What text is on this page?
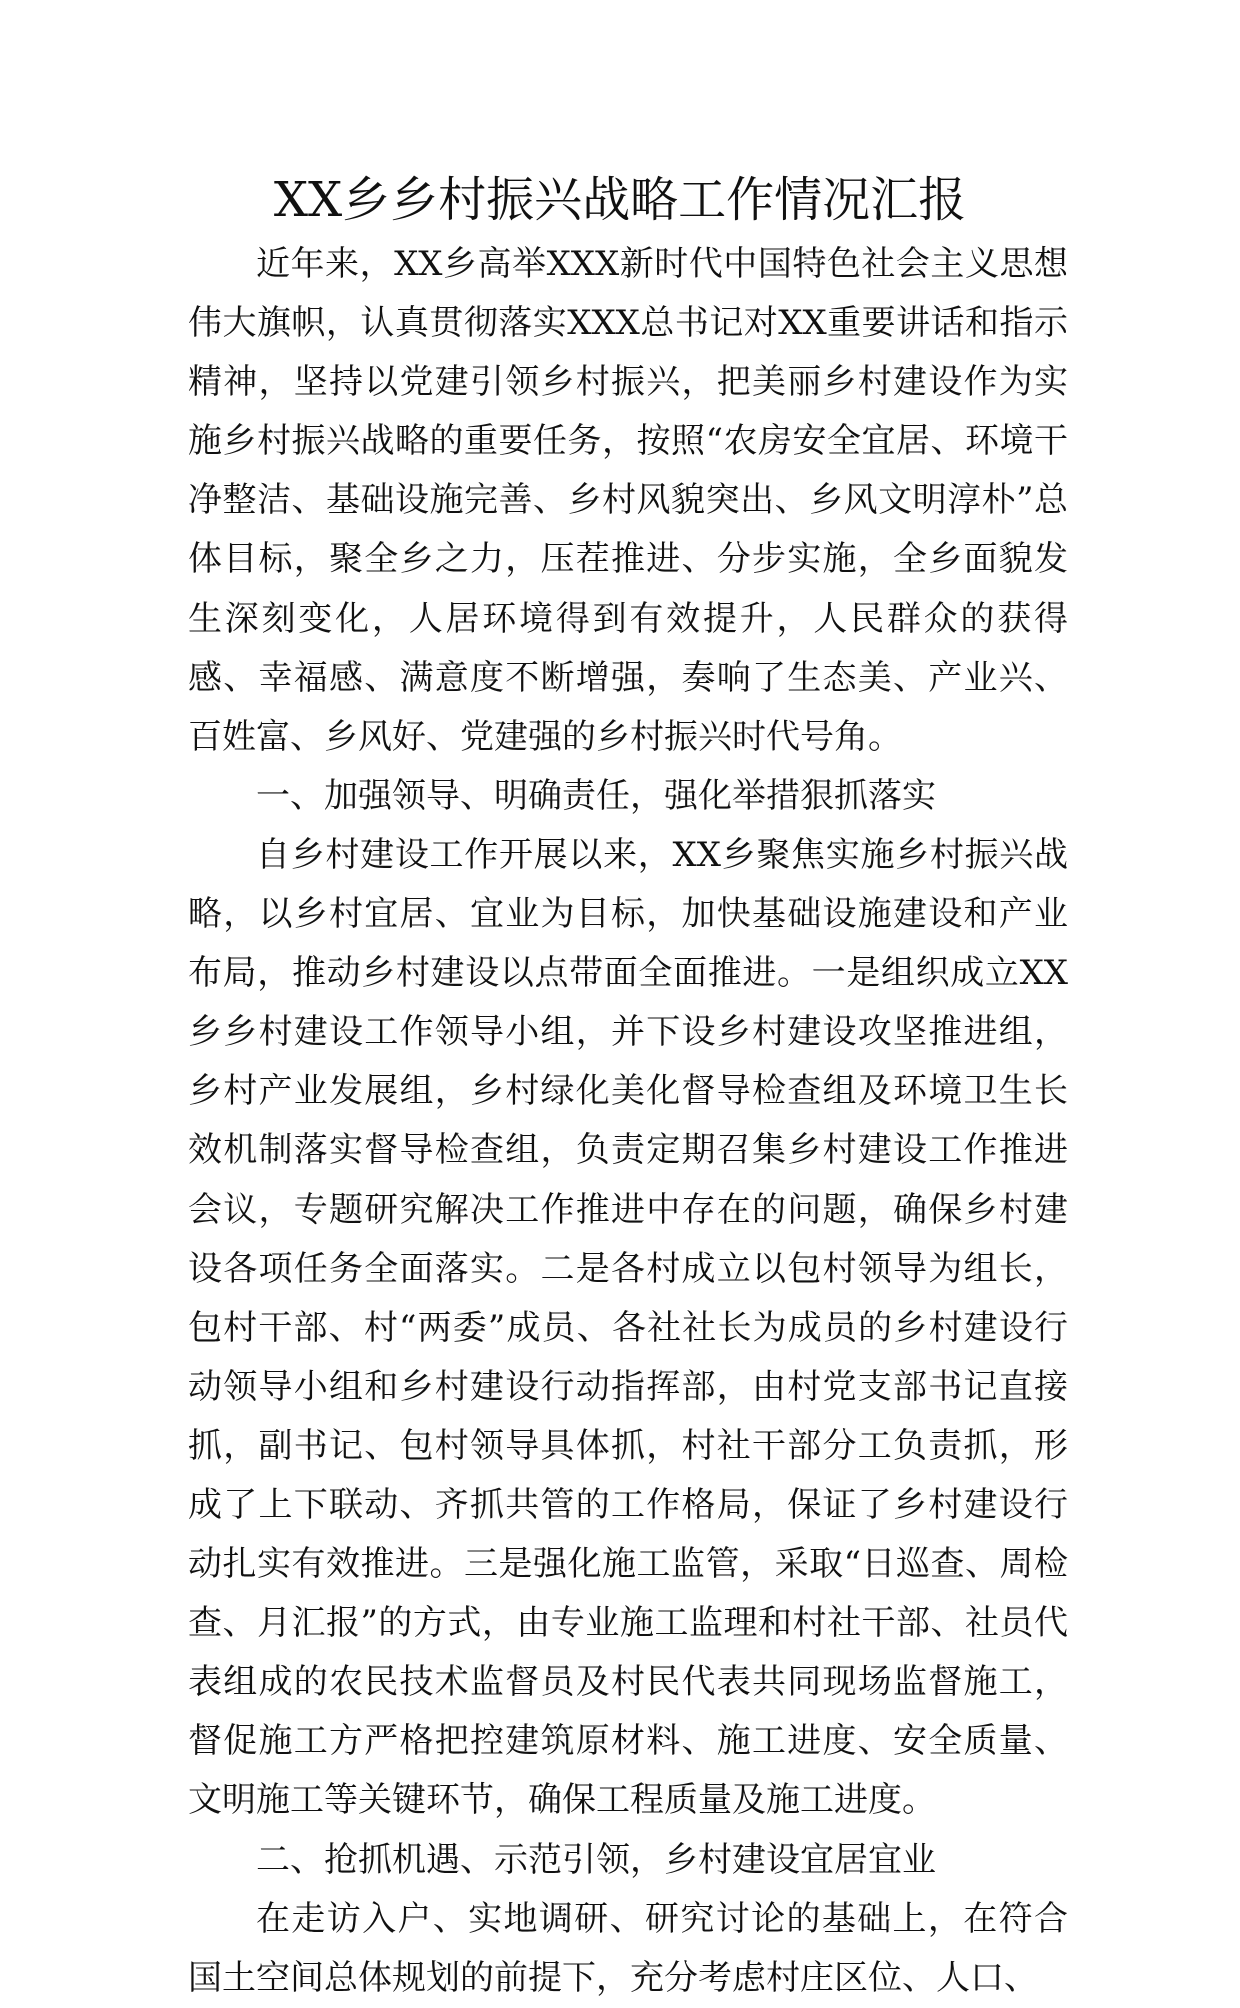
XX乡乡村振兴战略工作情况汇报

近年来，XX乡高举XXX新时代中国特色社会主义思想伟大旗帜，认真贯彻落实XXX总书记对XX重要讲话和指示精神，坚持以党建引领乡村振兴，把美丽乡村建设作为实施乡村振兴战略的重要任务，按照“农房安全宜居、环境干净整洁、基础设施完善、乡村风貌突出、乡风文明淳朴”总体目标，聚全乡之力，压茬推进、分步实施，全乡面貌发生深刻变化，人居环境得到有效提升，人民群众的获得感、幸福感、满意度不断增强，奏响了生态美、产业兴、百姓富、乡风好、党建强的乡村振兴时代号角。

一、加强领导、明确责任，强化举措狠抓落实

自乡村建设工作开展以来，XX乡聚焦实施乡村振兴战略，以乡村宜居、宜业为目标，加快基础设施建设和产业布局，推动乡村建设以点带面全面推进。一是组织成立XX乡乡村建设工作领导小组，并下设乡村建设攻坚推进组，乡村产业发展组，乡村绿化美化督导检查组及环境卫生长效机制落实督导检查组，负责定期召集乡村建设工作推进会议，专题研究解决工作推进中存在的问题，确保乡村建设各项任务全面落实。二是各村成立以包村领导为组长，包村干部、村“两委”成员、各社社长为成员的乡村建设行动领导小组和乡村建设行动指挥部，由村党支部书记直接抓，副书记、包村领导具体抓，村社干部分工负责抓，形成了上下联动、齐抓共管的工作格局，保证了乡村建设行动扎实有效推进。三是强化施工监管，采取“日巡查、周检查、月汇报”的方式，由专业施工监理和村社干部、社员代表组成的农民技术监督员及村民代表共同现场监督施工，督促施工方严格把控建筑原材料、施工进度、安全质量、文明施工等关键环节，确保工程质量及施工进度。

二、抢抓机遇、示范引领，乡村建设宜居宜业

在走访入户、实地调研、研究讨论的基础上，在符合国土空间总体规划的前提下，充分考虑村庄区位、人口、
